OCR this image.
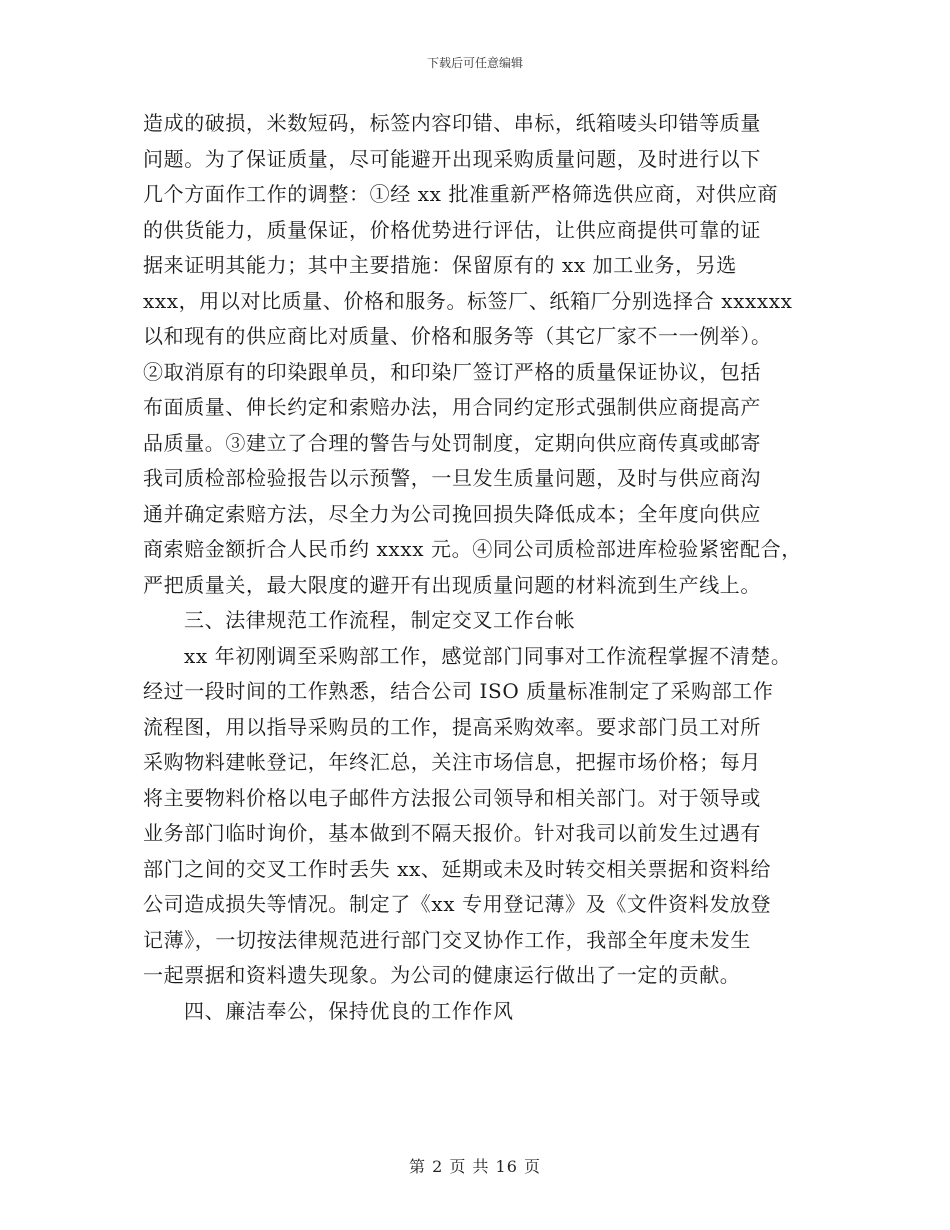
下载后可任意编辑
造成的破损，米数短码，标签内容印错、串标，纸箱唛头印错等质量
问题。为了保证质量，尽可能避开出现采购质量问题，及时进行以下
几个方面作工作的调整：①经 xx 批准重新严格筛选供应商，对供应商
的供货能力，质量保证，价格优势进行评估，让供应商提供可靠的证
据来证明其能力；其中主要措施：保留原有的 xx 加工业务，另选
xxx，用以对比质量、价格和服务。标签厂、纸箱厂分别选择合 xxxxxx
以和现有的供应商比对质量、价格和服务等（其它厂家不一一例举）。
②取消原有的印染跟单员，和印染厂签订严格的质量保证协议，包括
布面质量、伸长约定和索赔办法，用合同约定形式强制供应商提高产
品质量。③建立了合理的警告与处罚制度，定期向供应商传真或邮寄
我司质检部检验报告以示预警，一旦发生质量问题，及时与供应商沟
通并确定索赔方法，尽全力为公司挽回损失降低成本；全年度向供应
商索赔金额折合人民币约 xxxx 元。④同公司质检部进库检验紧密配合，
严把质量关，最大限度的避开有出现质量问题的材料流到生产线上。
三、法律规范工作流程，制定交叉工作台帐
xx 年初刚调至采购部工作，感觉部门同事对工作流程掌握不清楚。
经过一段时间的工作熟悉，结合公司 ISO 质量标准制定了采购部工作
流程图，用以指导采购员的工作，提高采购效率。要求部门员工对所
采购物料建帐登记，年终汇总，关注市场信息，把握市场价格；每月
将主要物料价格以电子邮件方法报公司领导和相关部门。对于领导或
业务部门临时询价，基本做到不隔天报价。针对我司以前发生过遇有
部门之间的交叉工作时丢失 xx、延期或未及时转交相关票据和资料给
公司造成损失等情况。制定了《xx 专用登记薄》及《文件资料发放登
记薄》，一切按法律规范进行部门交叉协作工作，我部全年度未发生
一起票据和资料遗失现象。为公司的健康运行做出了一定的贡献。
四、廉洁奉公，保持优良的工作作风
第 2 页 共 16 页
